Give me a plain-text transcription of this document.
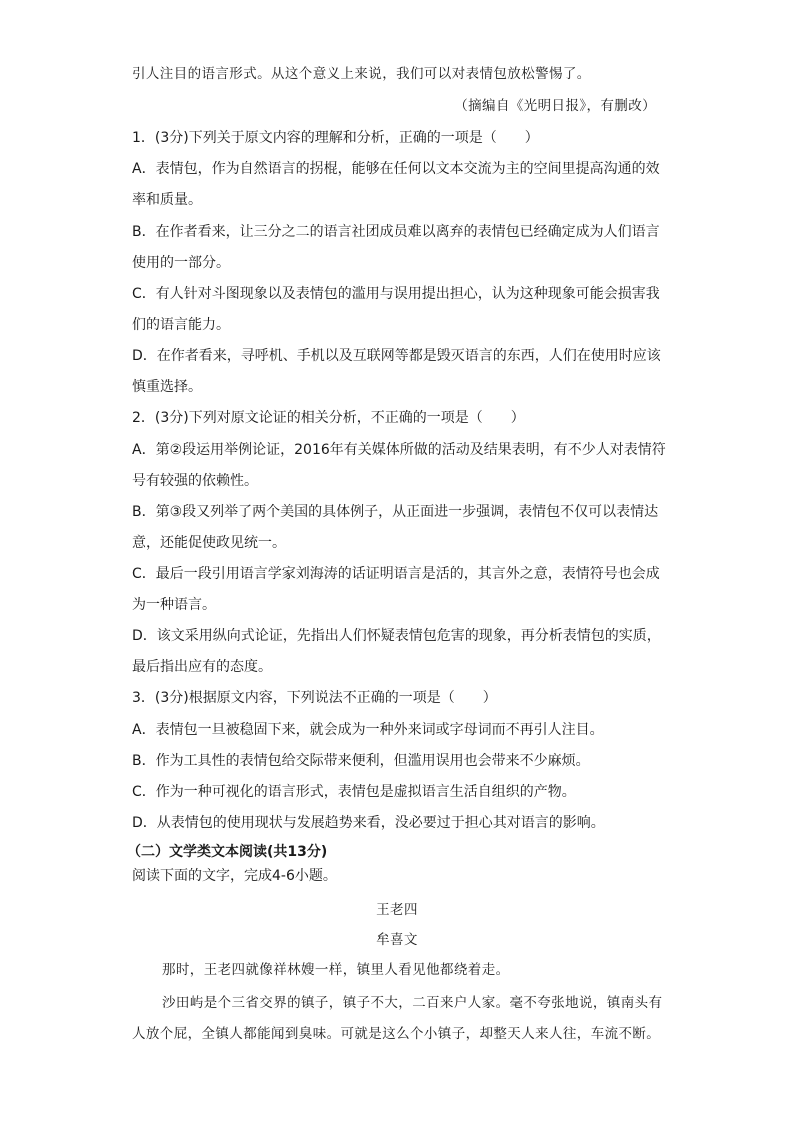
引人注目的语言形式。从这个意义上来说，我们可以对表情包放松警惕了。
（摘编自《光明日报》，有删改）
1．(3分)下列关于原文内容的理解和分析，正确的一项是（　　）
A．表情包，作为自然语言的拐棍，能够在任何以文本交流为主的空间里提高沟通的效
率和质量。
B．在作者看来，让三分之二的语言社团成员难以离弃的表情包已经确定成为人们语言
使用的一部分。
C．有人针对斗图现象以及表情包的滥用与误用提出担心，认为这种现象可能会损害我
们的语言能力。
D．在作者看来，寻呼机、手机以及互联网等都是毁灭语言的东西，人们在使用时应该
慎重选择。
2．(3分)下列对原文论证的相关分析，不正确的一项是（　　）
A．第②段运用举例论证，2016年有关媒体所做的活动及结果表明，有不少人对表情符
号有较强的依赖性。
B．第③段又列举了两个美国的具体例子，从正面进一步强调，表情包不仅可以表情达
意，还能促使政见统一。
C．最后一段引用语言学家刘海涛的话证明语言是活的，其言外之意，表情符号也会成
为一种语言。
D．该文采用纵向式论证，先指出人们怀疑表情包危害的现象，再分析表情包的实质，
最后指出应有的态度。
3．(3分)根据原文内容，下列说法不正确的一项是（　　）
A．表情包一旦被稳固下来，就会成为一种外来词或字母词而不再引人注目。
B．作为工具性的表情包给交际带来便利，但滥用误用也会带来不少麻烦。
C．作为一种可视化的语言形式，表情包是虚拟语言生活自组织的产物。
D．从表情包的使用现状与发展趋势来看，没必要过于担心其对语言的影响。
（二）文学类文本阅读(共13分)
阅读下面的文字，完成4-6小题。
王老四
牟喜文
那时，王老四就像祥林嫂一样，镇里人看见他都绕着走。
沙田屿是个三省交界的镇子，镇子不大，二百来户人家。毫不夸张地说，镇南头有
人放个屁，全镇人都能闻到臭味。可就是这么个小镇子，却整天人来人往，车流不断。
